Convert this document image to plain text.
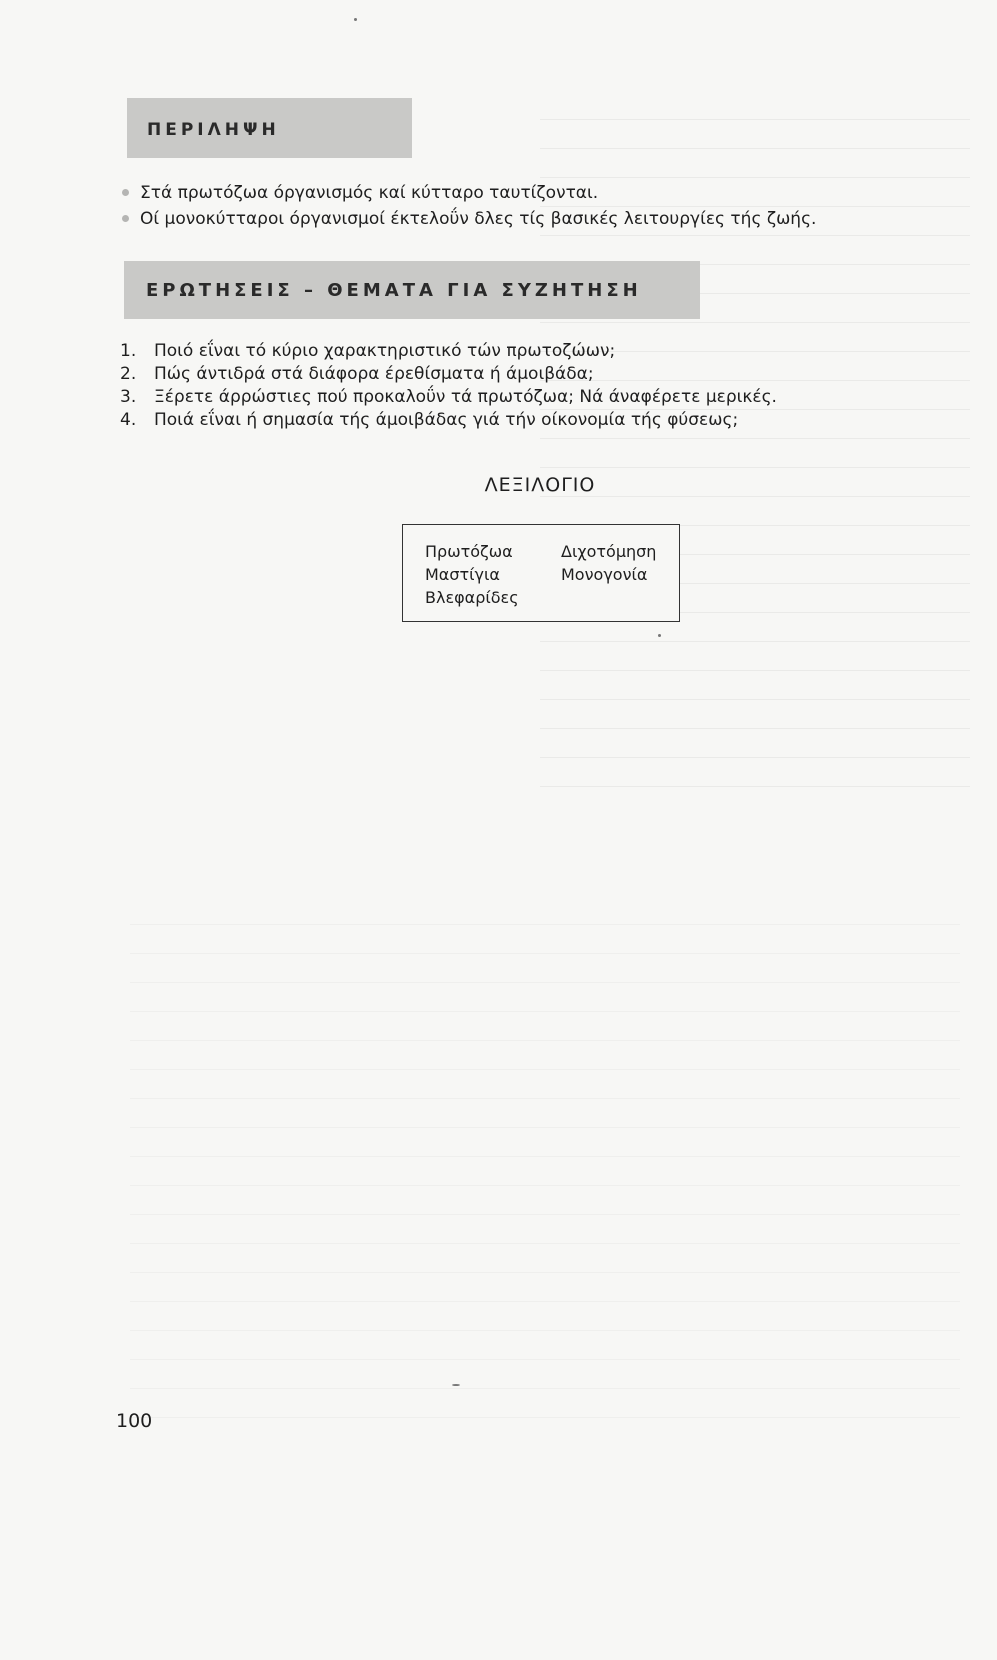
ΠΕΡΙΛΗΨΗ
Στά πρωτόζωα όργανισμός καί κύτταρο ταυτίζονται.
Οί μονοκύτταροι όργανισμοί έκτελοΰν δλες τίς βασικές λειτουργίες τής ζωής.
ΕΡΩΤΗΣΕΙΣ – ΘΕΜΑΤΑ ΓΙΑ ΣΥΖΗΤΗΣΗ
1.	Ποιό εΐναι τό κύριο χαρακτηριστικό τών πρωτοζώων;
2.	Πώς άντιδρά στά διάφορα έρεθίσματα ή άμοιβάδα;
3.	Ξέρετε άρρώστιες πού προκαλοΰν τά πρωτόζωα; Νά άναφέρετε μερικές.
4.	Ποιά εΐναι ή σημασία τής άμοιβάδας γιά τήν οίκονομία τής φύσεως;
ΛΕΞΙΛΟΓΙΟ
Πρωτόζωα
Μαστίγια
Βλεφαρίδες
Διχοτόμηση
Μονογονία
100
